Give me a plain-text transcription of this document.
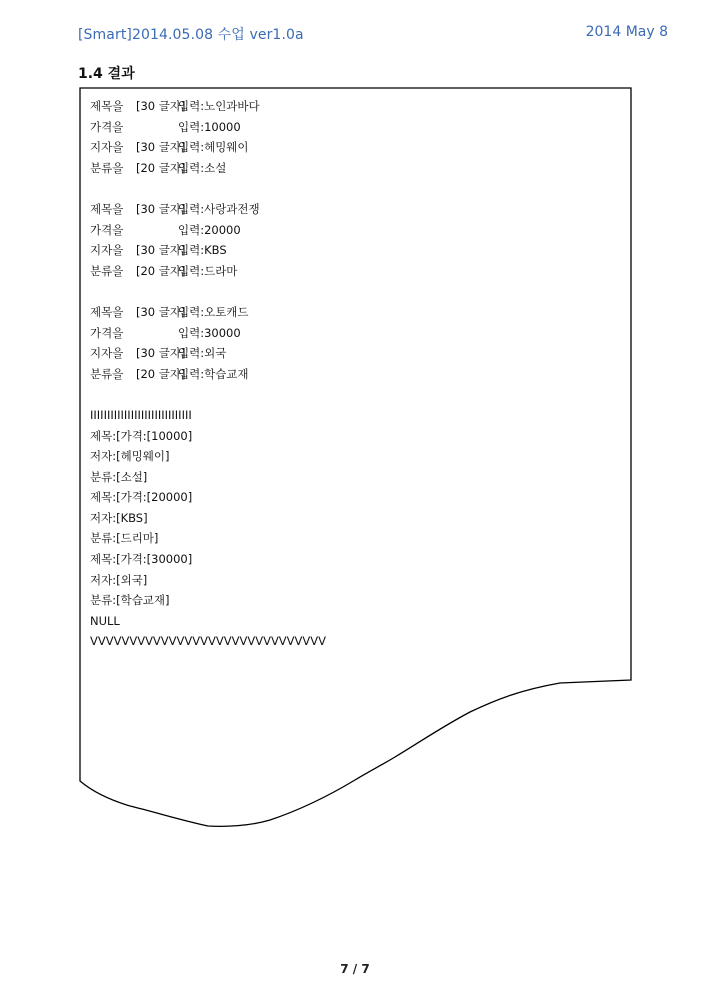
[Smart]2014.05.08 수업 ver1.0a	2014 May 8
1.4 결과
제목을 [30 글자]입력:노인과바다
가격을	입력:10000
지자을 [30 글자]입력:헤밍웨이
분류을 [20 글자]입력:소설
제목을 [30 글자]입력:사랑과전쟁
가격을	입력:20000
지자을 [30 글자]입력:KBS
분류을 [20 글자]입력:드라마
제목을 [30 글자]입력:오토캐드
가격을	입력:30000
지자을 [30 글자]입력:외국
분류을 [20 글자]입력:학습교재
IIIIIIIIIIIIIIIIIIIIIIIIIIIIII
제목:[가격:[10000]
저자:[헤밍웨이]
분류:[소설]
제목:[가격:[20000]
저자:[KBS]
분류:[드리마]
제목:[가격:[30000]
저자:[외국]
분류:[학습교재]
NULL
VVVVVVVVVVVVVVVVVVVVVVVVVVVVVV
7 / 7
